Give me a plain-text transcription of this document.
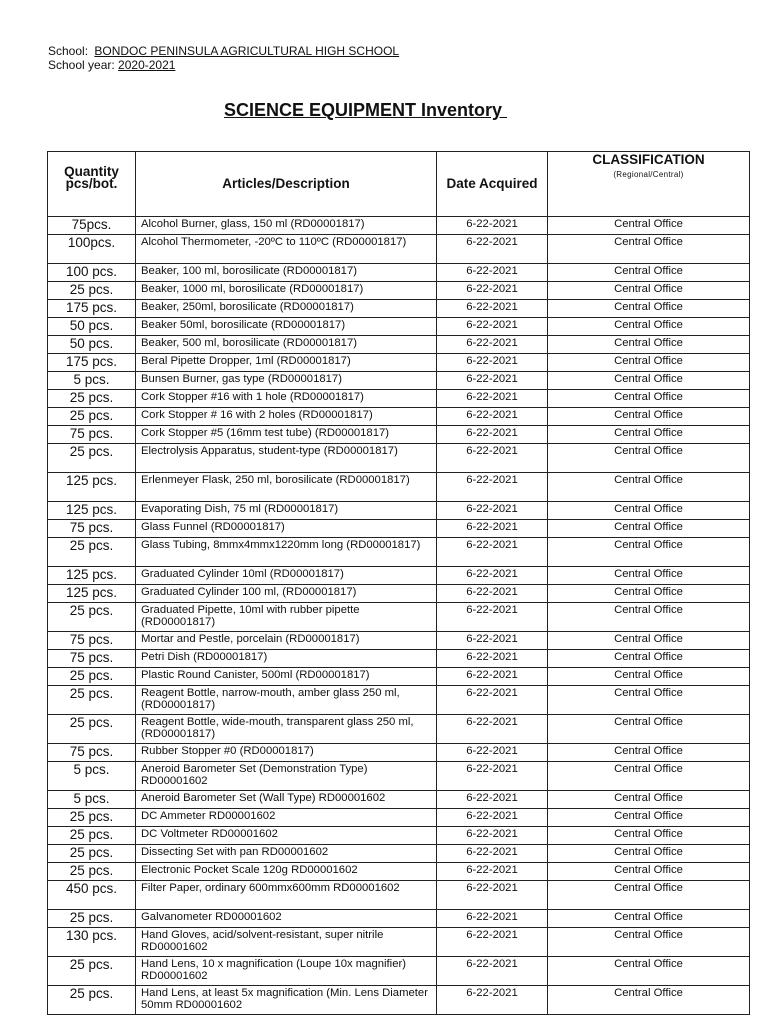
School: BONDOC PENINSULA AGRICULTURAL HIGH SCHOOL
School year: 2020-2021
SCIENCE EQUIPMENT Inventory
Quantity pcs/bot.	Articles/Description	Date Acquired	CLASSIFICATION
(Regional/Central)

75pcs.	Alcohol Burner, glass, 150 ml (RD00001817)	6-22-2021	Central Office
100pcs.	Alcohol Thermometer, -20ºC to 110ºC (RD00001817)	6-22-2021	Central Office
100 pcs.	Beaker, 100 ml, borosilicate (RD00001817)	6-22-2021	Central Office
25 pcs.	Beaker, 1000 ml, borosilicate (RD00001817)	6-22-2021	Central Office
175 pcs.	Beaker, 250ml, borosilicate (RD00001817)	6-22-2021	Central Office
50 pcs.	Beaker 50ml, borosilicate (RD00001817)	6-22-2021	Central Office
50 pcs.	Beaker, 500 ml, borosilicate (RD00001817)	6-22-2021	Central Office
175 pcs.	Beral Pipette Dropper, 1ml (RD00001817)	6-22-2021	Central Office
5 pcs.	Bunsen Burner, gas type (RD00001817)	6-22-2021	Central Office
25 pcs.	Cork Stopper #16 with 1 hole (RD00001817)	6-22-2021	Central Office
25 pcs.	Cork Stopper # 16 with 2 holes (RD00001817)	6-22-2021	Central Office
75 pcs.	Cork Stopper #5 (16mm test tube) (RD00001817)	6-22-2021	Central Office
25 pcs.	Electrolysis Apparatus, student-type (RD00001817)	6-22-2021	Central Office
125 pcs.	Erlenmeyer Flask, 250 ml, borosilicate (RD00001817)	6-22-2021	Central Office
125 pcs.	Evaporating Dish, 75 ml (RD00001817)	6-22-2021	Central Office
75 pcs.	Glass Funnel (RD00001817)	6-22-2021	Central Office
25 pcs.	Glass Tubing, 8mmx4mmx1220mm long (RD00001817)	6-22-2021	Central Office
125 pcs.	Graduated Cylinder 10ml (RD00001817)	6-22-2021	Central Office
125 pcs.	Graduated Cylinder 100 ml, (RD00001817)	6-22-2021	Central Office
25 pcs.	Graduated Pipette, 10ml with rubber pipette (RD00001817)	6-22-2021	Central Office
75 pcs.	Mortar and Pestle, porcelain (RD00001817)	6-22-2021	Central Office
75 pcs.	Petri Dish (RD00001817)	6-22-2021	Central Office
25 pcs.	Plastic Round Canister, 500ml (RD00001817)	6-22-2021	Central Office
25 pcs.	Reagent Bottle, narrow-mouth, amber glass 250 ml, (RD00001817)	6-22-2021	Central Office
25 pcs.	Reagent Bottle, wide-mouth, transparent glass 250 ml, (RD00001817)	6-22-2021	Central Office
75 pcs.	Rubber Stopper #0 (RD00001817)	6-22-2021	Central Office
5 pcs.	Aneroid Barometer Set (Demonstration Type) RD00001602	6-22-2021	Central Office
5 pcs.	Aneroid Barometer Set (Wall Type) RD00001602	6-22-2021	Central Office
25 pcs.	DC Ammeter RD00001602	6-22-2021	Central Office
25 pcs.	DC Voltmeter RD00001602	6-22-2021	Central Office
25 pcs.	Dissecting Set with pan RD00001602	6-22-2021	Central Office
25 pcs.	Electronic Pocket Scale 120g RD00001602	6-22-2021	Central Office
450 pcs.	Filter Paper, ordinary 600mmx600mm RD00001602	6-22-2021	Central Office
25 pcs.	Galvanometer RD00001602	6-22-2021	Central Office
130 pcs.	Hand Gloves, acid/solvent-resistant, super nitrile RD00001602	6-22-2021	Central Office
25 pcs.	Hand Lens, 10 x magnification (Loupe 10x magnifier) RD00001602	6-22-2021	Central Office
25 pcs.	Hand Lens, at least 5x magnification (Min. Lens Diameter 50mm RD00001602	6-22-2021	Central Office
